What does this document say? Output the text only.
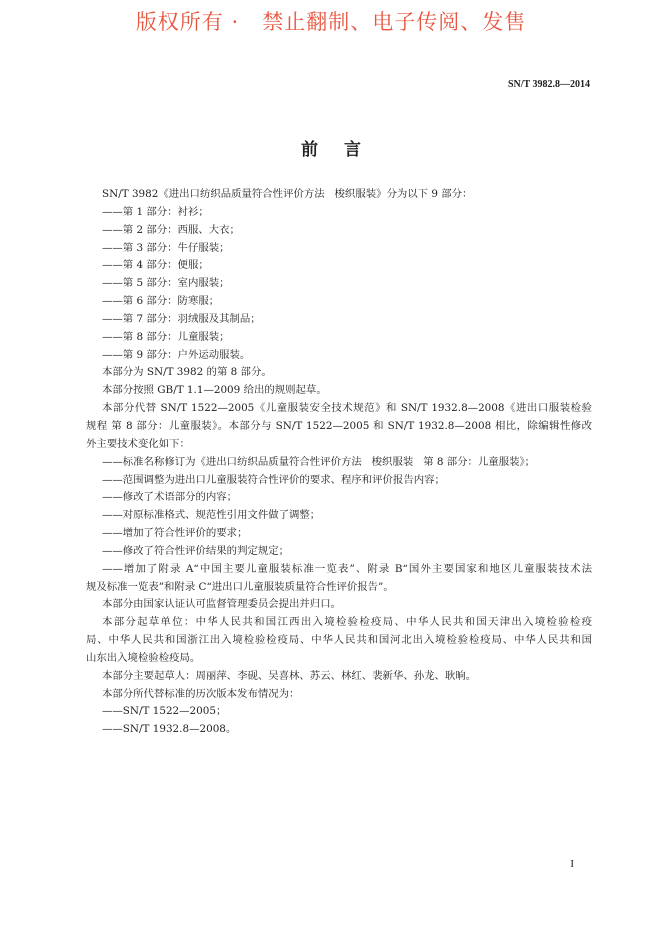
版权所有 ·   禁止翻制、电子传阅、发售
SN/T 3982.8—2014
前言
SN/T 3982《进出口纺织品质量符合性评价方法   梭织服装》分为以下 9 部分：
——第 1 部分：衬衫；
——第 2 部分：西服、大衣；
——第 3 部分：牛仔服装；
——第 4 部分：便服；
——第 5 部分：室内服装；
——第 6 部分：防寒服；
——第 7 部分：羽绒服及其制品；
——第 8 部分：儿童服装；
——第 9 部分：户外运动服装。
本部分为 SN/T 3982 的第 8 部分。
本部分按照 GB/T 1.1—2009 给出的规则起草。
本部分代替 SN/T 1522—2005《儿童服装安全技术规范》和 SN/T 1932.8—2008《进出口服装检验
规程 第 8 部分：儿童服装》。本部分与 SN/T 1522—2005 和 SN/T 1932.8—2008 相比，除编辑性修改
外主要技术变化如下：
——标准名称修订为《进出口纺织品质量符合性评价方法   梭织服装   第 8 部分：儿童服装》；
——范围调整为进出口儿童服装符合性评价的要求、程序和评价报告内容；
——修改了术语部分的内容；
——对原标准格式、规范性引用文件做了调整；
——增加了符合性评价的要求；
——修改了符合性评价结果的判定规定；
——增加了附录 A“中国主要儿童服装标准一览表”、附录 B“国外主要国家和地区儿童服装技术法
规及标准一览表”和附录 C“进出口儿童服装质量符合性评价报告”。
本部分由国家认证认可监督管理委员会提出并归口。
本部分起草单位：中华人民共和国江西出入境检验检疫局、中华人民共和国天津出入境检验检疫
局、中华人民共和国浙江出入境检验检疫局、中华人民共和国河北出入境检验检疫局、中华人民共和国
山东出入境检验检疫局。
本部分主要起草人：周丽萍、李砚、吴喜林、苏云、林红、裴新华、孙龙、耿晌。
本部分所代替标准的历次版本发布情况为：
——SN/T 1522—2005；
——SN/T 1932.8—2008。
I
